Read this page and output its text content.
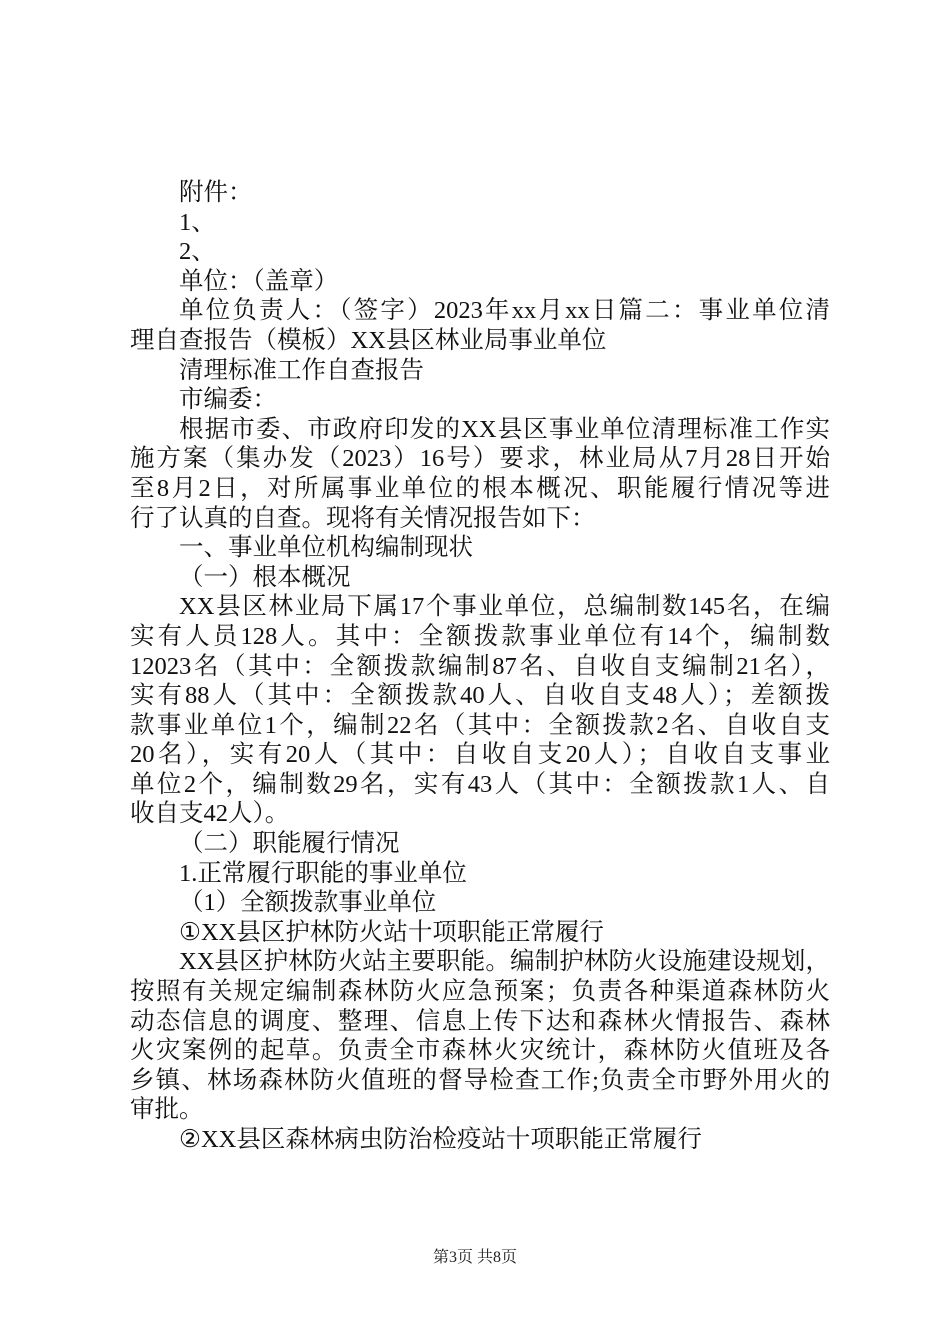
附件：
1、
2、
单位：（盖章）
单位负责人：（签字）2023年xx月xx日篇二：事业单位清
理自查报告（模板）XX县区林业局事业单位
清理标准工作自查报告
市编委：
根据市委、市政府印发的XX县区事业单位清理标准工作实
施方案（集办发（2023）16号）要求，林业局从7月28日开始
至8月2日，对所属事业单位的根本概况、职能履行情况等进
行了认真的自查。现将有关情况报告如下：
一、事业单位机构编制现状
（一）根本概况
XX县区林业局下属17个事业单位，总编制数145名，在编
实有人员128人。其中：全额拨款事业单位有14个，编制数
12023名（其中：全额拨款编制87名、自收自支编制21名），
实有88人（其中：全额拨款40人、自收自支48人）；差额拨
款事业单位1个，编制22名（其中：全额拨款2名、自收自支
20名），实有20人（其中：自收自支20人）；自收自支事业
单位2个，编制数29名，实有43人（其中：全额拨款1人、自
收自支42人）。
（二）职能履行情况
1.正常履行职能的事业单位
（1）全额拨款事业单位
①XX县区护林防火站十项职能正常履行
XX县区护林防火站主要职能。编制护林防火设施建设规划，
按照有关规定编制森林防火应急预案；负责各种渠道森林防火
动态信息的调度、整理、信息上传下达和森林火情报告、森林
火灾案例的起草。负责全市森林火灾统计，森林防火值班及各
乡镇、林场森林防火值班的督导检查工作;负责全市野外用火的
审批。
②XX县区森林病虫防治检疫站十项职能正常履行
第3页 共8页
